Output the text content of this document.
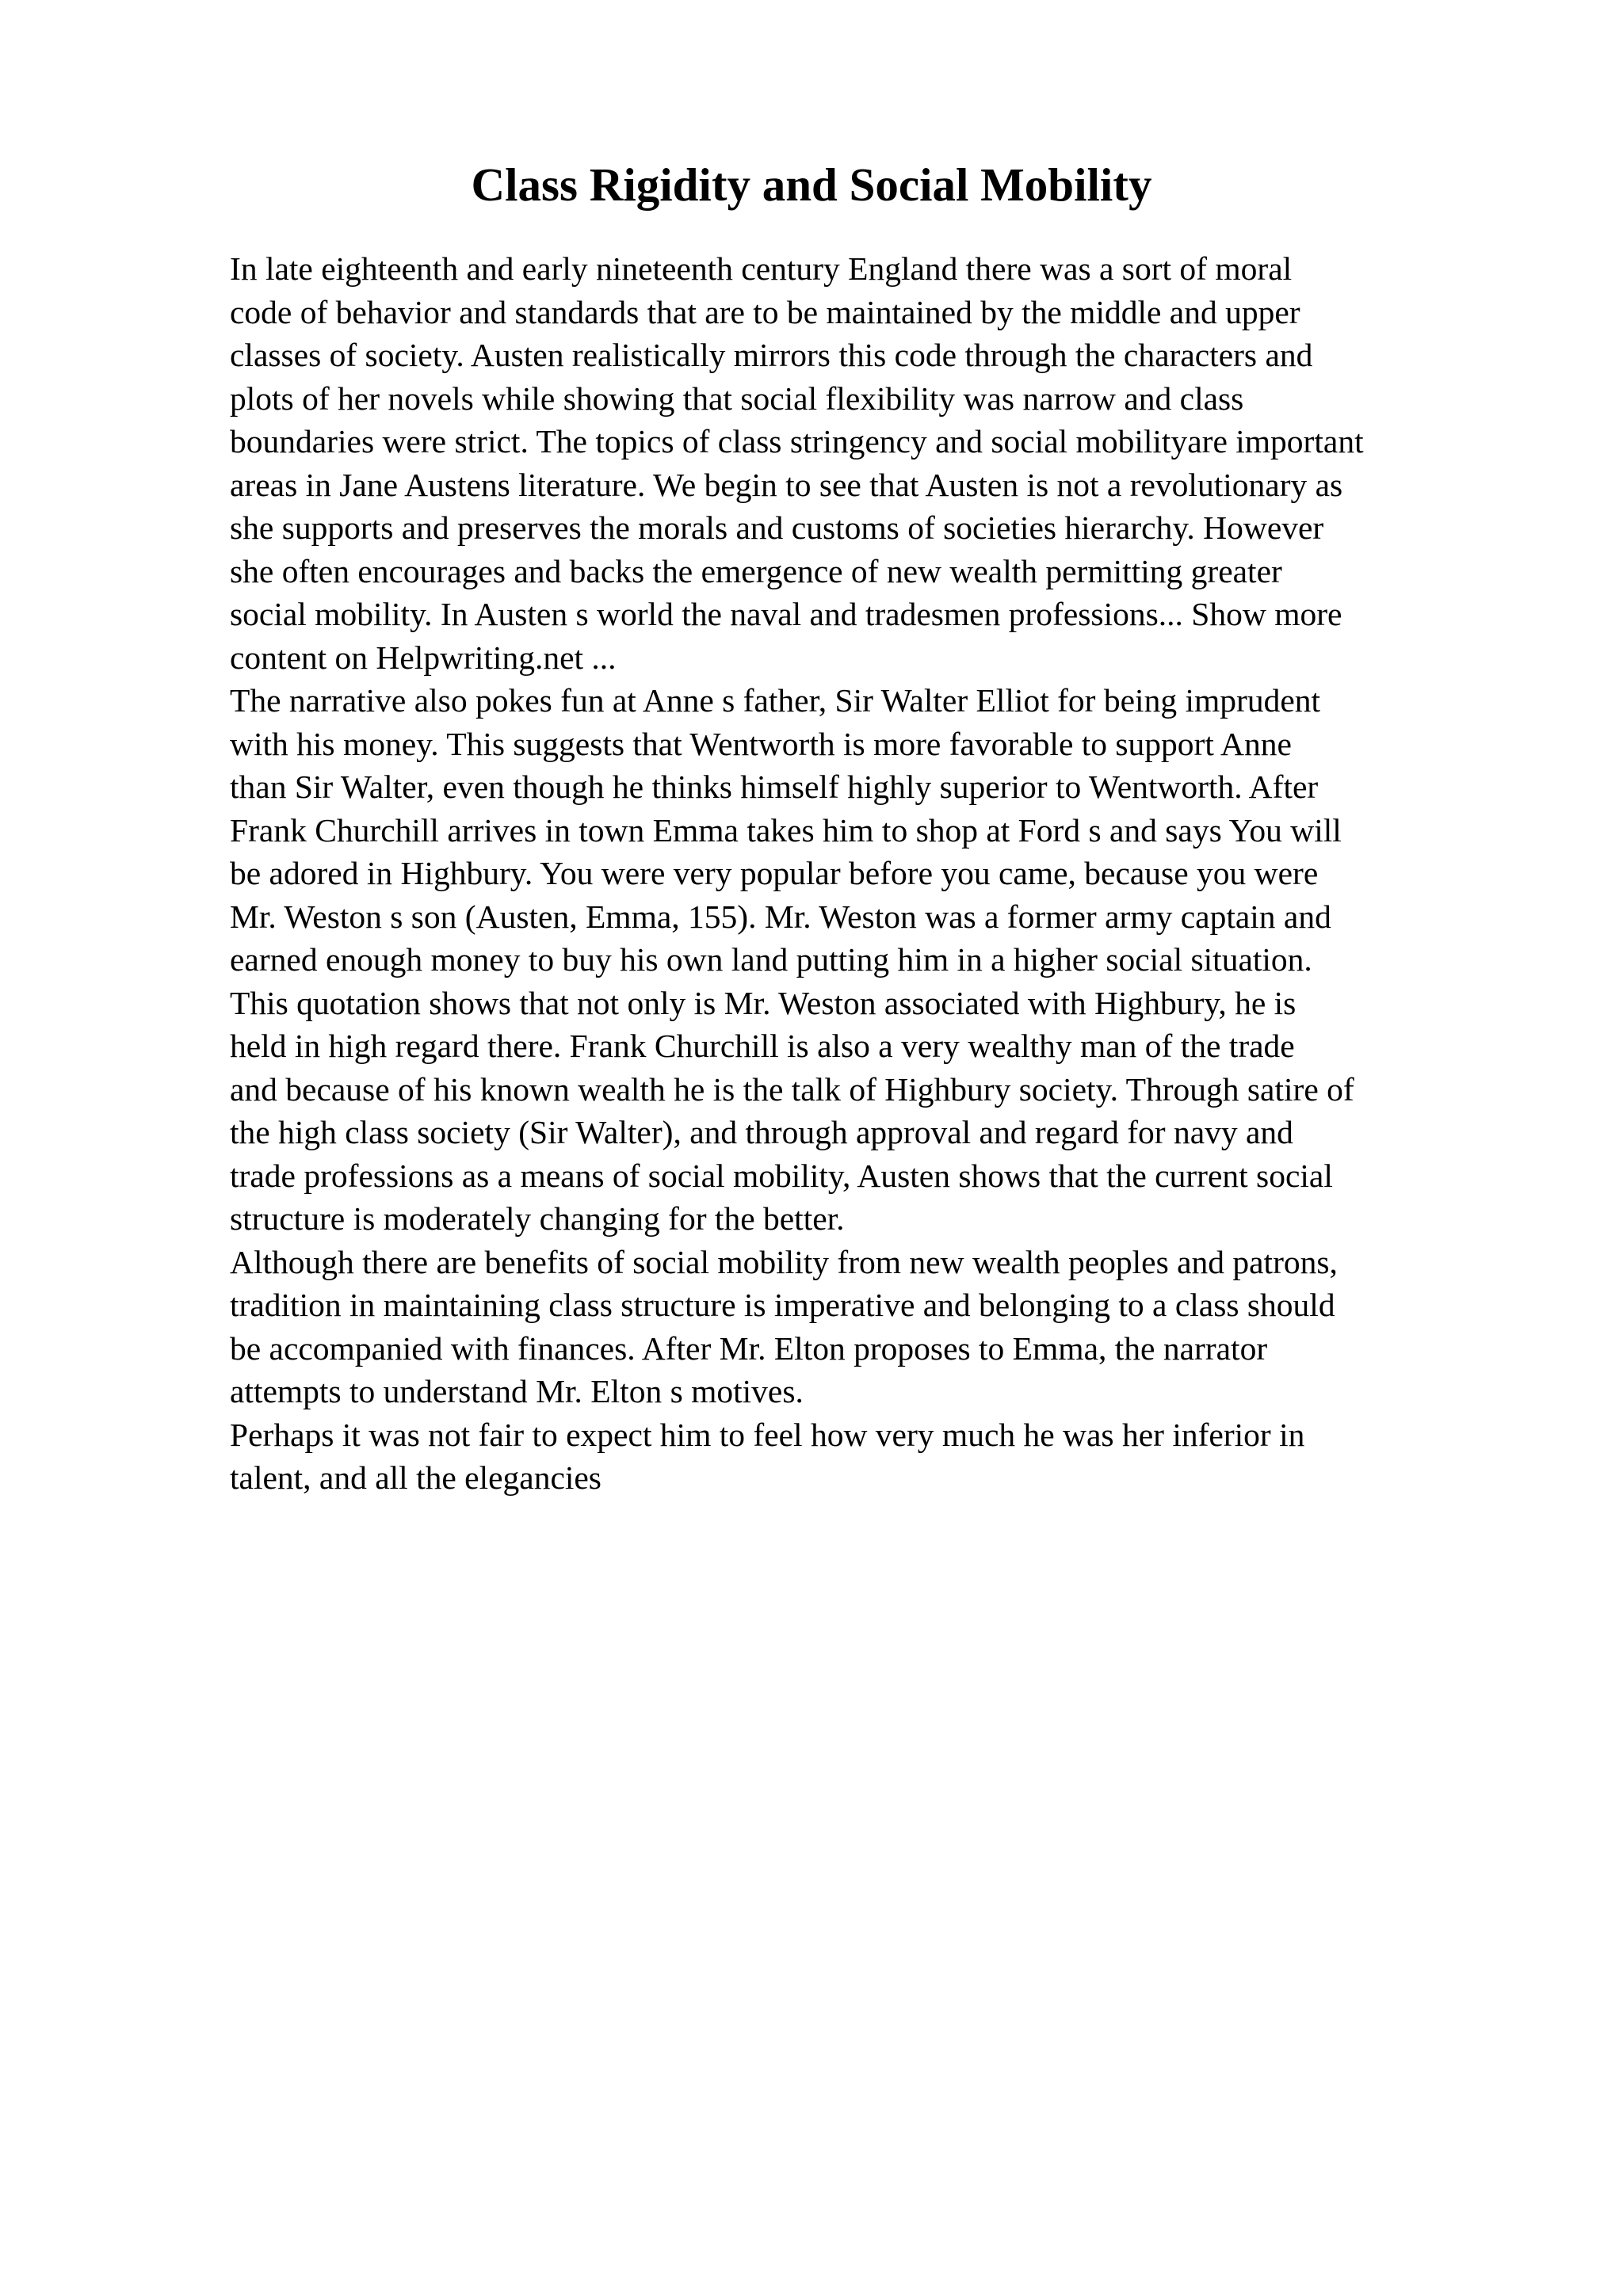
Class Rigidity and Social Mobility
In late eighteenth and early nineteenth century England there was a sort of moral
code of behavior and standards that are to be maintained by the middle and upper
classes of society. Austen realistically mirrors this code through the characters and
plots of her novels while showing that social flexibility was narrow and class
boundaries were strict. The topics of class stringency and social mobilityare important
areas in Jane Austens literature. We begin to see that Austen is not a revolutionary as
she supports and preserves the morals and customs of societies hierarchy. However
she often encourages and backs the emergence of new wealth permitting greater
social mobility. In Austen s world the naval and tradesmen professions... Show more
content on Helpwriting.net ...
The narrative also pokes fun at Anne s father, Sir Walter Elliot for being imprudent
with his money. This suggests that Wentworth is more favorable to support Anne
than Sir Walter, even though he thinks himself highly superior to Wentworth. After
Frank Churchill arrives in town Emma takes him to shop at Ford s and says You will
be adored in Highbury. You were very popular before you came, because you were
Mr. Weston s son (Austen, Emma, 155). Mr. Weston was a former army captain and
earned enough money to buy his own land putting him in a higher social situation.
This quotation shows that not only is Mr. Weston associated with Highbury, he is
held in high regard there. Frank Churchill is also a very wealthy man of the trade
and because of his known wealth he is the talk of Highbury society. Through satire of
the high class society (Sir Walter), and through approval and regard for navy and
trade professions as a means of social mobility, Austen shows that the current social
structure is moderately changing for the better.
Although there are benefits of social mobility from new wealth peoples and patrons,
tradition in maintaining class structure is imperative and belonging to a class should
be accompanied with finances. After Mr. Elton proposes to Emma, the narrator
attempts to understand Mr. Elton s motives.
Perhaps it was not fair to expect him to feel how very much he was her inferior in
talent, and all the elegancies
